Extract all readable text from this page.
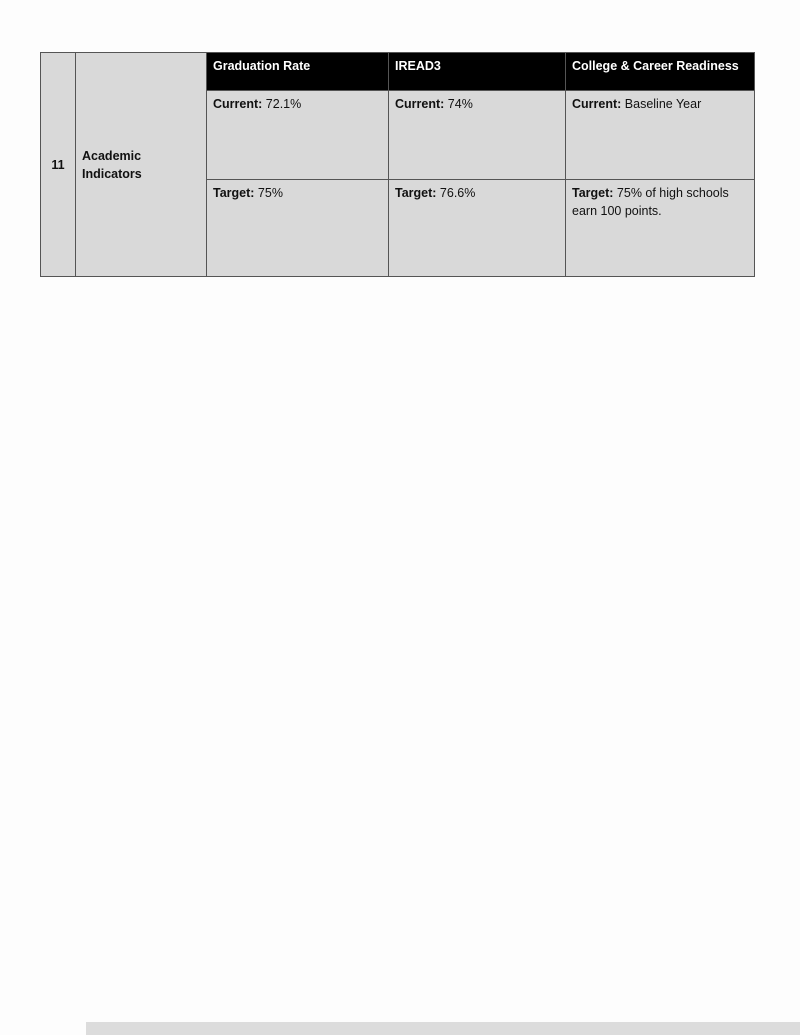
11	Academic Indicators	Graduation Rate	IREAD3	College & Career Readiness
		Current: 72.1%	Current: 74%	Current: Baseline Year
		Target: 75%	Target: 76.6%	Target: 75% of high schools earn 100 points.
